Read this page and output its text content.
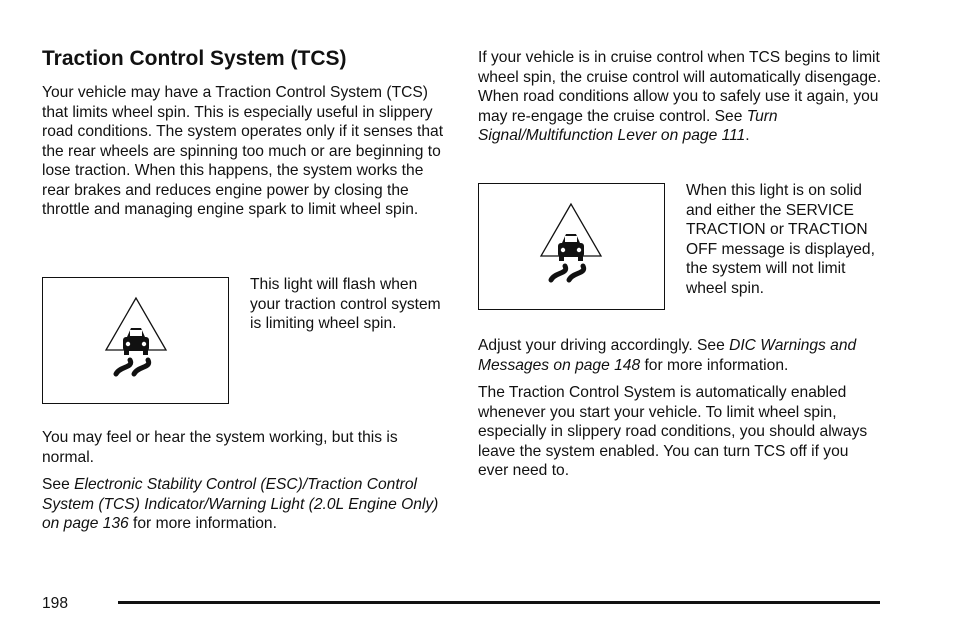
Traction Control System (TCS)

Your vehicle may have a Traction Control System (TCS) that limits wheel spin. This is especially useful in slippery road conditions. The system operates only if it senses that the rear wheels are spinning too much or are beginning to lose traction. When this happens, the system works the rear brakes and reduces engine power by closing the throttle and managing engine spark to limit wheel spin.

This light will flash when your traction control system is limiting wheel spin.

You may feel or hear the system working, but this is normal.

See Electronic Stability Control (ESC)/Traction Control System (TCS) Indicator/Warning Light (2.0L Engine Only) on page 136 for more information.

If your vehicle is in cruise control when TCS begins to limit wheel spin, the cruise control will automatically disengage. When road conditions allow you to safely use it again, you may re-engage the cruise control. See Turn Signal/Multifunction Lever on page 111.

When this light is on solid and either the SERVICE TRACTION or TRACTION OFF message is displayed, the system will not limit wheel spin.

Adjust your driving accordingly. See DIC Warnings and Messages on page 148 for more information.

The Traction Control System is automatically enabled whenever you start your vehicle. To limit wheel spin, especially in slippery road conditions, you should always leave the system enabled. You can turn TCS off if you ever need to.

198
